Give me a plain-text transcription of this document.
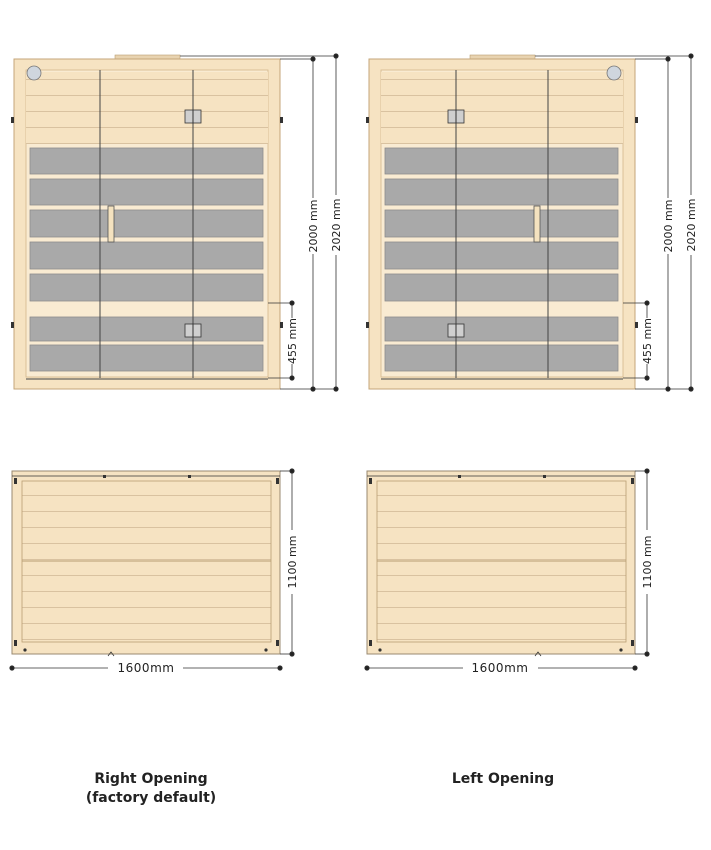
2020 mm
2000 mm
455 mm
2020 mm
2000 mm
455 mm
1100 mm
1600mm
1100 mm
1600mm
Right Opening
(factory default)
Left Opening
